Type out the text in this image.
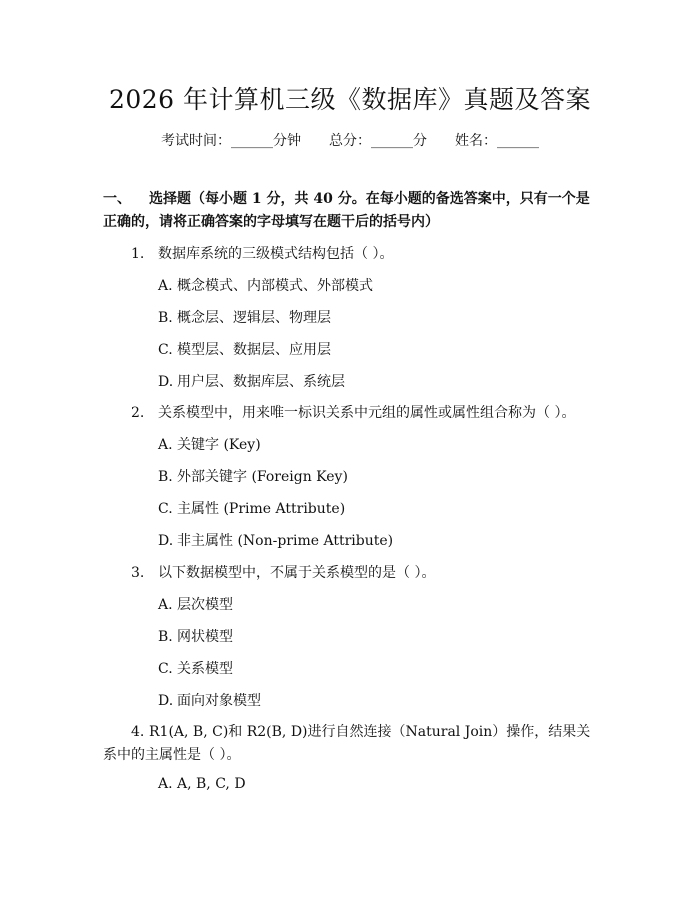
2026 年计算机三级《数据库》真题及答案
考试时间：______分钟 总分：______分 姓名：______
一、 选择题（每小题 1 分，共 40 分。在每小题的备选答案中，只有一个是正确的，请将正确答案的字母填写在题干后的括号内）
1. 数据库系统的三级模式结构包括（ ）。
A. 概念模式、内部模式、外部模式
B. 概念层、逻辑层、物理层
C. 模型层、数据层、应用层
D. 用户层、数据库层、系统层
2. 关系模型中，用来唯一标识关系中元组的属性或属性组合称为（ ）。
A. 关键字 (Key)
B. 外部关键字 (Foreign Key)
C. 主属性 (Prime Attribute)
D. 非主属性 (Non-prime Attribute)
3. 以下数据模型中，不属于关系模型的是（ ）。
A. 层次模型
B. 网状模型
C. 关系模型
D. 面向对象模型
4. R1(A, B, C)和 R2(B, D)进行自然连接（Natural Join）操作，结果关系中的主属性是（ ）。
A. A, B, C, D
